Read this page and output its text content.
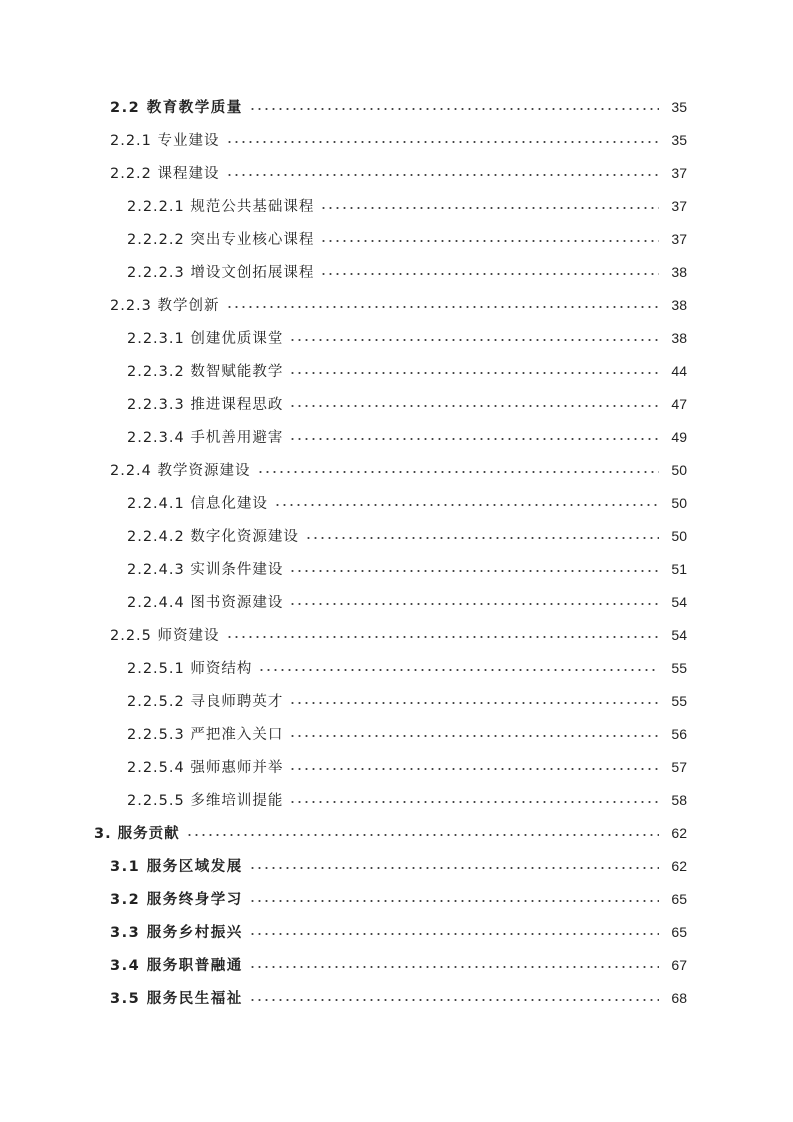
2.2 教育教学质量	35
2.2.1 专业建设	35
2.2.2 课程建设	37
2.2.2.1 规范公共基础课程	37
2.2.2.2 突出专业核心课程	37
2.2.2.3 增设文创拓展课程	38
2.2.3 教学创新	38
2.2.3.1 创建优质课堂	38
2.2.3.2 数智赋能教学	44
2.2.3.3 推进课程思政	47
2.2.3.4 手机善用避害	49
2.2.4 教学资源建设	50
2.2.4.1 信息化建设	50
2.2.4.2 数字化资源建设	50
2.2.4.3 实训条件建设	51
2.2.4.4 图书资源建设	54
2.2.5 师资建设	54
2.2.5.1 师资结构	55
2.2.5.2 寻良师聘英才	55
2.2.5.3 严把准入关口	56
2.2.5.4 强师惠师并举	57
2.2.5.5 多维培训提能	58
3. 服务贡献	62
3.1 服务区域发展	62
3.2 服务终身学习	65
3.3 服务乡村振兴	65
3.4 服务职普融通	67
3.5 服务民生福祉	68
